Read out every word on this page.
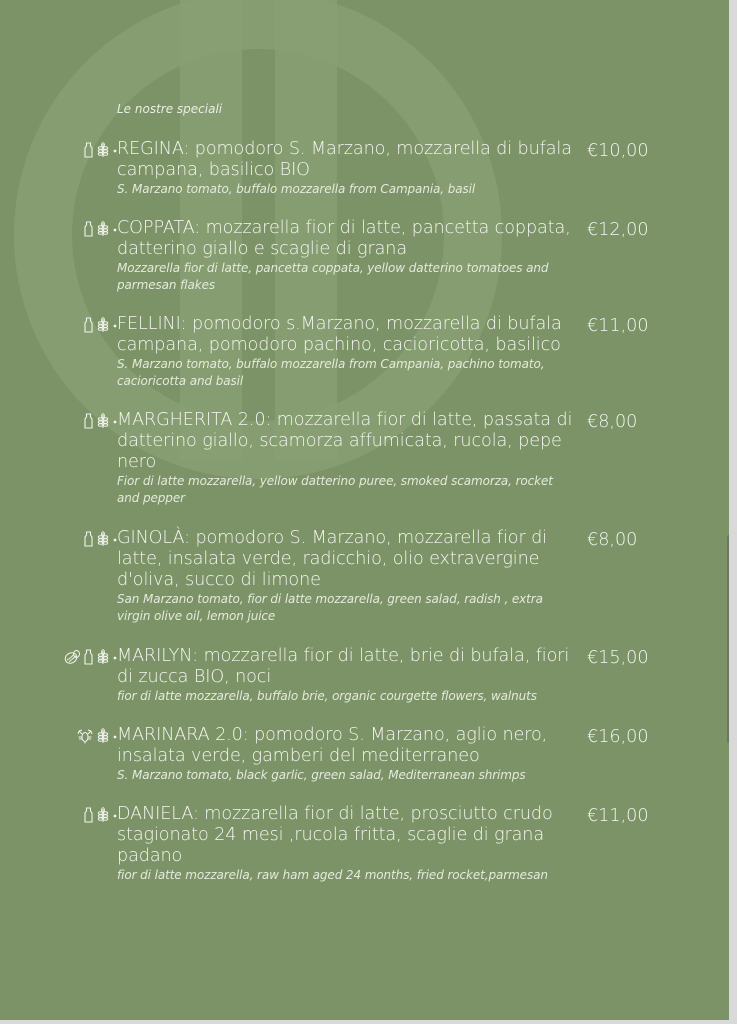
Le nostre speciali
REGINA: pomodoro S. Marzano, mozzarella di bufala campana, basilico BIO
S. Marzano tomato, buffalo mozzarella from Campania, basil
€10,00
COPPATA: mozzarella fior di latte, pancetta coppata, datterino giallo e scaglie di grana
Mozzarella fior di latte, pancetta coppata, yellow datterino tomatoes and parmesan flakes
€12,00
FELLINI: pomodoro s.Marzano, mozzarella di bufala campana, pomodoro pachino, cacioricotta, basilico
S. Marzano tomato, buffalo mozzarella from Campania, pachino tomato, cacioricotta and basil
€11,00
MARGHERITA 2.0: mozzarella fior di latte, passata di datterino giallo, scamorza affumicata, rucola, pepe nero
Fior di latte mozzarella, yellow datterino puree, smoked scamorza, rocket and pepper
€8,00
GINOLÀ: pomodoro S. Marzano, mozzarella fior di latte, insalata verde, radicchio, olio extravergine d'oliva, succo di limone
San Marzano tomato, fior di latte mozzarella, green salad, radish , extra virgin olive oil, lemon juice
€8,00
MARILYN: mozzarella fior di latte, brie di bufala, fiori di zucca BIO, noci
fior di latte mozzarella, buffalo brie, organic courgette flowers, walnuts
€15,00
MARINARA 2.0: pomodoro S. Marzano, aglio nero, insalata verde, gamberi del mediterraneo
S. Marzano tomato, black garlic, green salad, Mediterranean shrimps
€16,00
DANIELA: mozzarella fior di latte, prosciutto crudo stagionato 24 mesi ,rucola fritta, scaglie di grana padano
fior di latte mozzarella, raw ham aged 24 months, fried rocket,parmesan
€11,00
